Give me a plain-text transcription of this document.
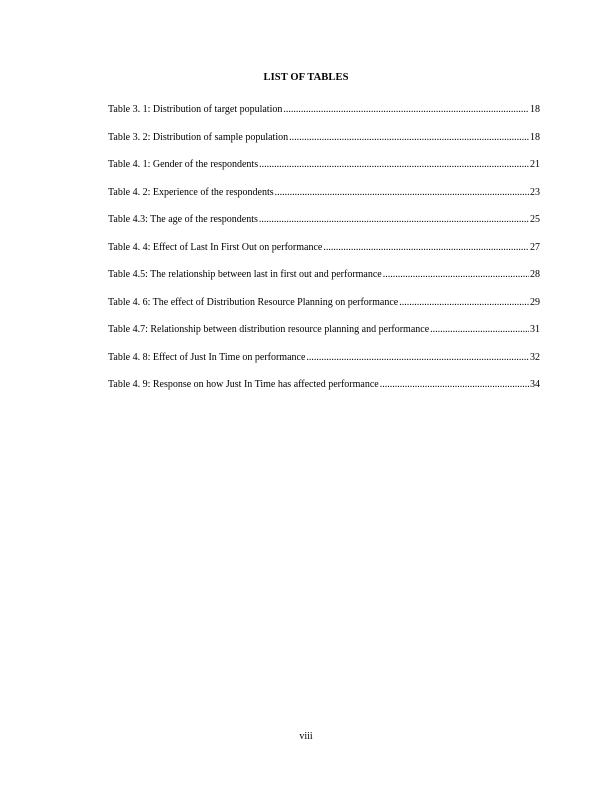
LIST OF TABLES
Table 3. 1: Distribution of target population .....	18
Table 3. 2: Distribution of sample population .....	18
Table 4. 1: Gender of the respondents .....	21
Table 4. 2: Experience of the respondents .....	23
Table 4.3: The age of the respondents .....	25
Table 4. 4: Effect of Last In First Out on performance .....	27
Table 4.5: The relationship between last in first out and performance .....	28
Table 4. 6: The effect of Distribution Resource Planning on performance .....	29
Table 4.7: Relationship between distribution resource planning and performance .....	31
Table 4. 8: Effect of Just In Time on performance .....	32
Table 4. 9: Response on how Just In Time has affected performance .....	34
viii
